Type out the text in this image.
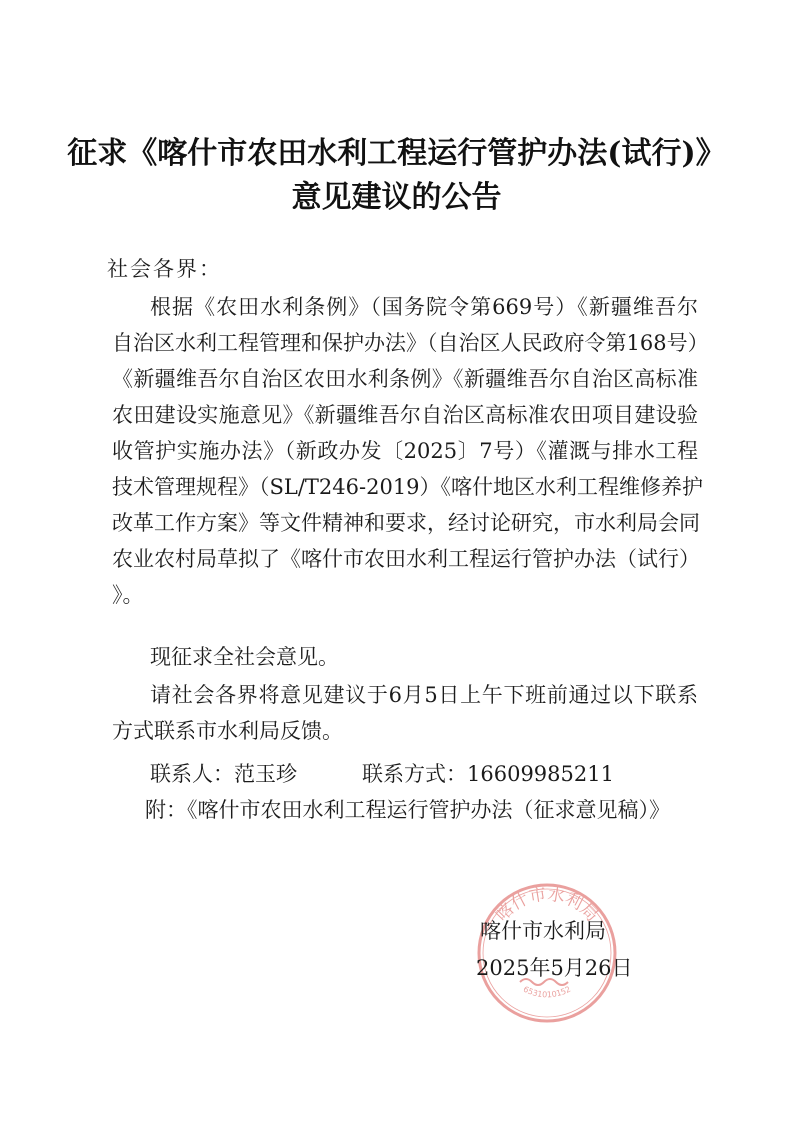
征求《喀什市农田水利工程运行管护办法(试行)》
意见建议的公告
社会各界：
根据《农田水利条例》（国务院令第669号）《新疆维吾尔
自治区水利工程管理和保护办法》（自治区人民政府令第168号）
《新疆维吾尔自治区农田水利条例》《新疆维吾尔自治区高标准
农田建设实施意见》《新疆维吾尔自治区高标准农田项目建设验
收管护实施办法》（新政办发〔2025〕7号）《灌溉与排水工程
技术管理规程》（SL/T246-2019）《喀什地区水利工程维修养护
改革工作方案》等文件精神和要求，经讨论研究，市水利局会同
农业农村局草拟了《喀什市农田水利工程运行管护办法（试行）
》。
现征求全社会意见。
请社会各界将意见建议于6月5日上午下班前通过以下联系
方式联系市水利局反馈。
联系人：范玉珍	联系方式：16609985211
附：《喀什市农田水利工程运行管护办法（征求意见稿）》
喀什市水利局
6531010152
喀什市水利局
2025年5月26日
